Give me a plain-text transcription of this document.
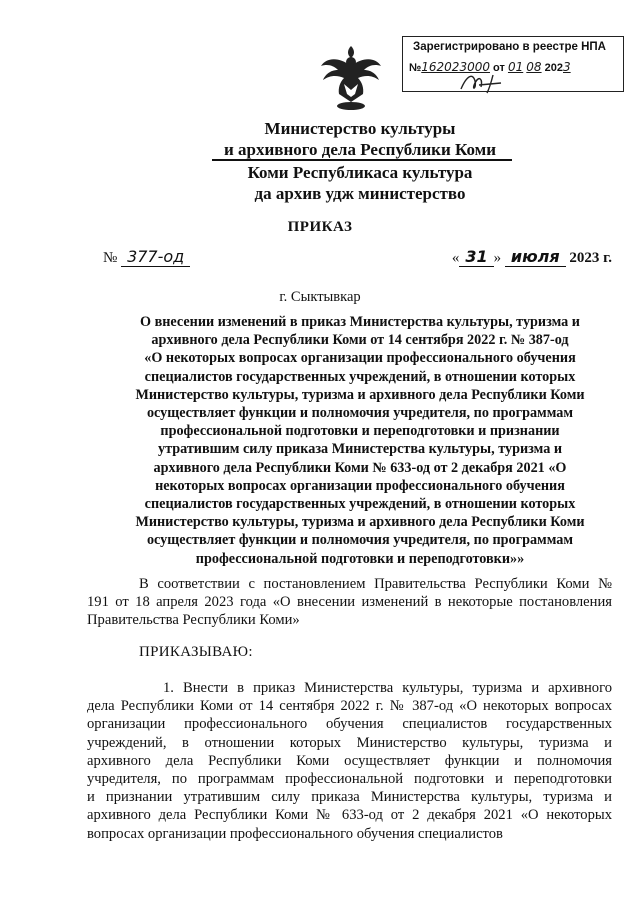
Зарегистрировано в реестре НПА
№162023000 от 01 08 2023
Министерство культуры
и архивного дела Республики Коми
Коми Республикаса культура
да архив удж министерство
ПРИКАЗ
№ 377-од	« 31 » июля 2023 г.
г. Сыктывкар
О внесении изменений в приказ Министерства культуры, туризма и
архивного дела Республики Коми от 14 сентября 2022 г. № 387-од
«О некоторых вопросах организации профессионального обучения
специалистов государственных учреждений, в отношении которых
Министерство культуры, туризма и архивного дела Республики Коми
осуществляет функции и полномочия учредителя, по программам
профессиональной подготовки и переподготовки и признании
утратившим силу приказа Министерства культуры, туризма и
архивного дела Республики Коми № 633-од от 2 декабря 2021 «О
некоторых вопросах организации профессионального обучения
специалистов государственных учреждений, в отношении которых
Министерство культуры, туризма и архивного дела Республики Коми
осуществляет функции и полномочия учредителя, по программам
профессиональной подготовки и переподготовки»»
В соответствии с постановлением Правительства Республики Коми №
191 от 18 апреля 2023 года «О внесении изменений в некоторые постановления
Правительства Республики Коми»
ПРИКАЗЫВАЮ:
1. Внести в приказ Министерства культуры, туризма и архивного
дела Республики Коми от 14 сентября 2022 г. № 387-од «О некоторых вопросах
организации профессионального обучения специалистов государственных
учреждений, в отношении которых Министерство культуры, туризма и
архивного дела Республики Коми осуществляет функции и полномочия
учредителя, по программам профессиональной подготовки и переподготовки
и признании утратившим силу приказа Министерства культуры, туризма и
архивного дела Республики Коми № 633-од от 2 декабря 2021 «О некоторых
вопросах организации профессионального обучения специалистов
